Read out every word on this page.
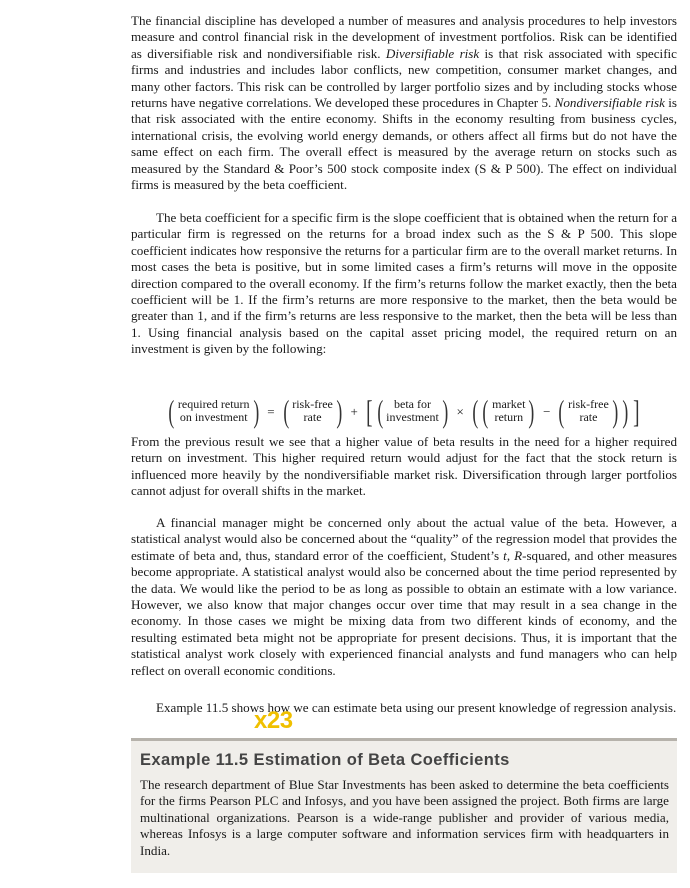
The financial discipline has developed a number of measures and analysis procedures to help investors measure and control financial risk in the development of investment portfolios. Risk can be identified as diversifiable risk and nondiversifiable risk. Diversifiable risk is that risk associated with specific firms and industries and includes labor conflicts, new competition, consumer market changes, and many other factors. This risk can be controlled by larger portfolio sizes and by including stocks whose returns have negative correlations. We developed these procedures in Chapter 5. Nondiversifiable risk is that risk associated with the entire economy. Shifts in the economy resulting from business cycles, international crisis, the evolving world energy demands, or others affect all firms but do not have the same effect on each firm. The overall effect is measured by the average return on stocks such as measured by the Standard & Poor’s 500 stock composite index (S & P 500). The effect on individual firms is measured by the beta coefficient.

The beta coefficient for a specific firm is the slope coefficient that is obtained when the return for a particular firm is regressed on the returns for a broad index such as the S & P 500. This slope coefficient indicates how responsive the returns for a particular firm are to the overall market returns. In most cases the beta is positive, but in some limited cases a firm’s returns will move in the opposite direction compared to the overall economy. If the firm’s returns follow the market exactly, then the beta coefficient will be 1. If the firm’s returns are more responsive to the market, then the beta would be greater than 1, and if the firm’s returns are less responsive to the market, then the beta will be less than 1. Using financial analysis based on the capital asset pricing model, the required return on an investment is given by the following:

( required return
on investment ) = ( risk-free
rate ) + [ ( beta for
investment ) × ( ( market
return ) − ( risk-free
rate ) ) ]

From the previous result we see that a higher value of beta results in the need for a higher required return on investment. This higher required return would adjust for the fact that the stock return is influenced more heavily by the nondiversifiable market risk. Diversification through larger portfolios cannot adjust for overall shifts in the market.

A financial manager might be concerned only about the actual value of the beta. However, a statistical analyst would also be concerned about the “quality” of the regression model that provides the estimate of beta and, thus, standard error of the coefficient, Student’s t, R-squared, and other measures become appropriate. A statistical analyst would also be concerned about the time period represented by the data. We would like the period to be as long as possible to obtain an estimate with a low variance. However, we also know that major changes occur over time that may result in a sea change in the economy. In those cases we might be mixing data from two different kinds of economy, and the resulting estimated beta might not be appropriate for present decisions. Thus, it is important that the statistical analyst work closely with experienced financial analysts and fund managers who can help reflect on overall economic conditions.

Example 11.5 shows how we can estimate beta using our present knowledge of regression analysis.

x23
Example 11.5 Estimation of Beta Coefficients

The research department of Blue Star Investments has been asked to determine the beta coefficients for the firms Pearson PLC and Infosys, and you have been assigned the project. Both firms are large multinational organizations. Pearson is a wide-range publisher and provider of various media, whereas Infosys is a large computer software and information services firm with headquarters in India.
